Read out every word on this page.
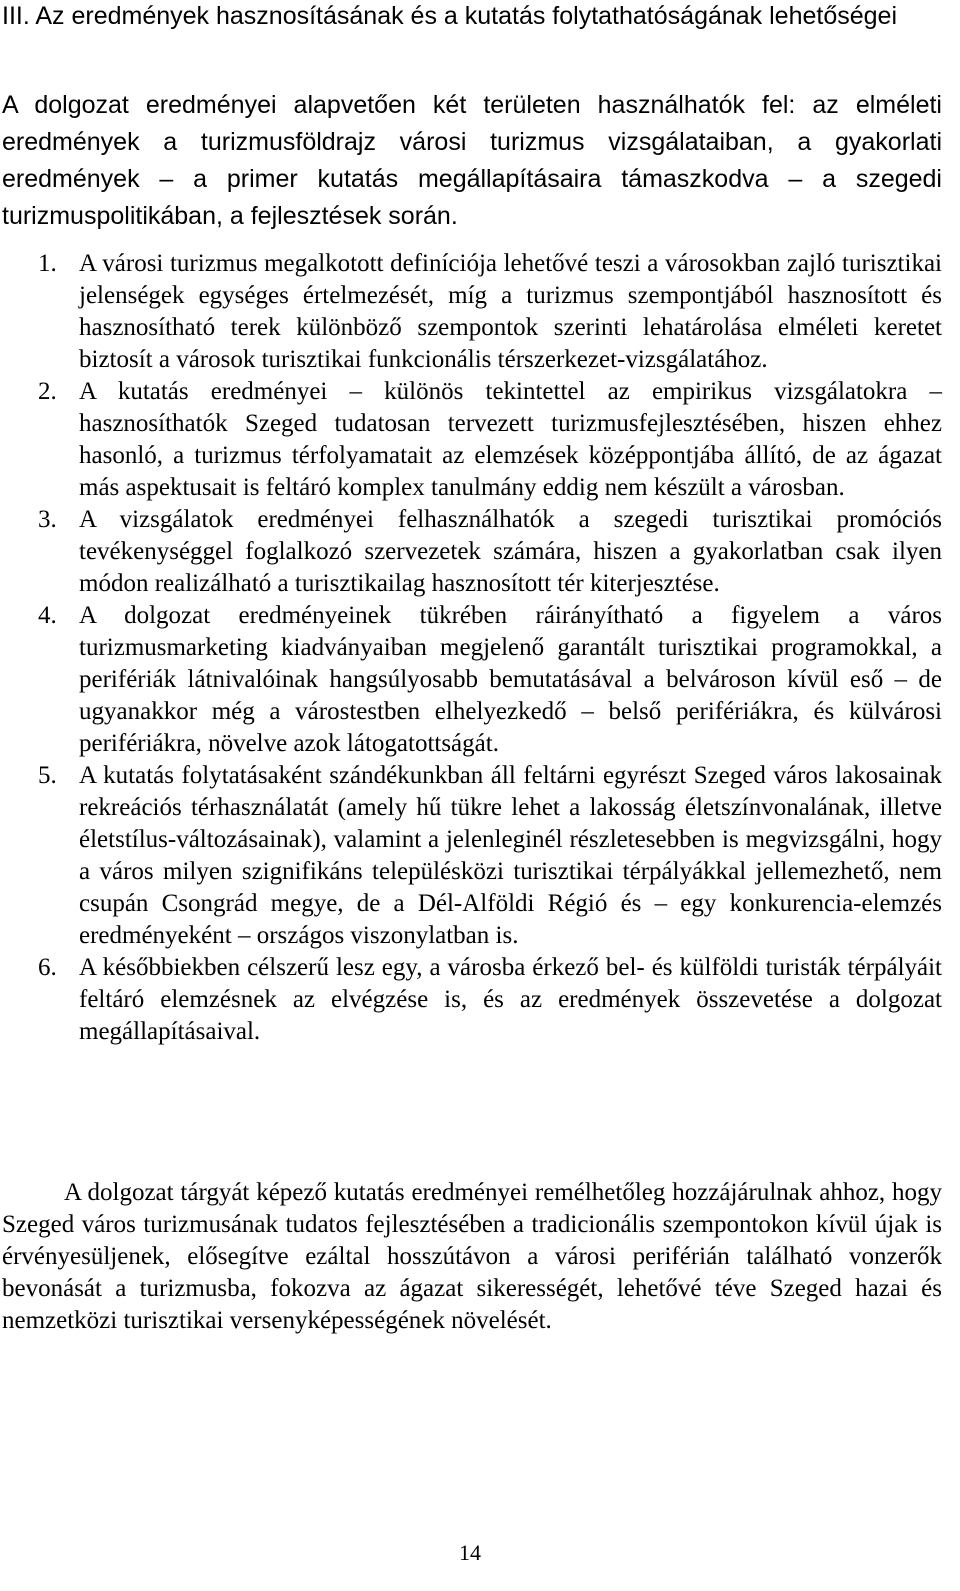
III. Az eredmények hasznosításának és a kutatás folytathatóságának lehetőségei
A dolgozat eredményei alapvetően két területen használhatók fel: az elméleti eredmények a turizmusföldrajz városi turizmus vizsgálataiban, a gyakorlati eredmények – a primer kutatás megállapításaira támaszkodva – a szegedi turizmuspolitikában, a fejlesztések során.
1. A városi turizmus megalkotott definíciója lehetővé teszi a városokban zajló turisztikai jelenségek egységes értelmezését, míg a turizmus szempontjából hasznosított és hasznosítható terek különböző szempontok szerinti lehatárolása elméleti keretet biztosít a városok turisztikai funkcionális térszerkezet-vizsgálatához.
2. A kutatás eredményei – különös tekintettel az empirikus vizsgálatokra – hasznosíthatók Szeged tudatosan tervezett turizmusfejlesztésében, hiszen ehhez hasonló, a turizmus térfolyamatait az elemzések középpontjába állító, de az ágazat más aspektusait is feltáró komplex tanulmány eddig nem készült a városban.
3. A vizsgálatok eredményei felhasználhatók a szegedi turisztikai promóciós tevékenységgel foglalkozó szervezetek számára, hiszen a gyakorlatban csak ilyen módon realizálható a turisztikailag hasznosított tér kiterjesztése.
4. A dolgozat eredményeinek tükrében ráirányítható a figyelem a város turizmusmarketing kiadványaiban megjelenő garantált turisztikai programokkal, a perifériák látnivalóinak hangsúlyosabb bemutatásával a belvároson kívül eső – de ugyanakkor még a várostestben elhelyezkedő – belső perifériákra, és külvárosi perifériákra, növelve azok látogatottságát.
5. A kutatás folytatásaként szándékunkban áll feltárni egyrészt Szeged város lakosainak rekreációs térhasználatát (amely hű tükre lehet a lakosság életszínvonalának, illetve életstílus-változásainak), valamint a jelenleginél részletesebben is megvizsgálni, hogy a város milyen szignifikáns településközi turisztikai térpályákkal jellemezhető, nem csupán Csongrád megye, de a Dél-Alföldi Régió és – egy konkurencia-elemzés eredményeként – országos viszonylatban is.
6. A későbbiekben célszerű lesz egy, a városba érkező bel- és külföldi turisták térpályáit feltáró elemzésnek az elvégzése is, és az eredmények összevetése a dolgozat megállapításaival.
A dolgozat tárgyát képező kutatás eredményei remélhetőleg hozzájárulnak ahhoz, hogy Szeged város turizmusának tudatos fejlesztésében a tradicionális szempontokon kívül újak is érvényesüljenek, elősegítve ezáltal hosszútávon a városi periférián található vonzerők bevonását a turizmusba, fokozva az ágazat sikerességét, lehetővé téve Szeged hazai és nemzetközi turisztikai versenyképességének növelését.
14
